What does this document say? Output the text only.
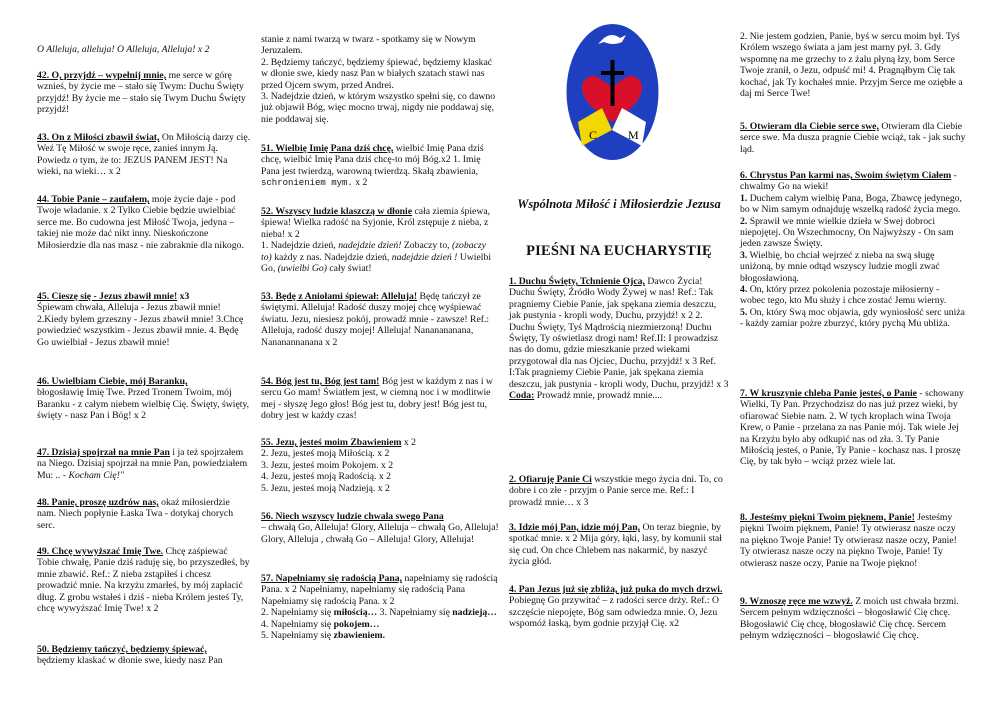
O Alleluja, alleluja! O Alleluja, Alleluja! x 2

42. O, przyjdź – wypełnij mnie, me serce w górę wznieś, by życie me – stało się Twym: Duchu Święty przyjdź! By życie me – stało się Twym Duchu Święty przyjdź!

43. On z Miłości zbawił świat, On Miłością darzy cię. Weź Tę Miłość w swoje ręce, zanieś innym Ją. Powiedz o tym, że to: JEZUS PANEM JEST! Na wieki, na wieki… x 2

44. Tobie Panie – zaufałem, moje życie daje - pod Twoje władanie. x 2 Tylko Ciebie będzie uwielbiać serce me. Bo cudowna jest Miłość Twoja, jedyna – takiej nie może dać nikt inny. Nieskończone Miłosierdzie dla nas masz - nie zabraknie dla nikogo.

45. Cieszę się - Jezus zbawił mnie! x3

Śpiewam chwała, Alleluja - Jezus zbawił mnie! 2.Kiedy byłem grzeszny - Jezus zbawił mnie! 3.Chcę powiedzieć wszystkim - Jezus zbawił mnie. 4. Będę Go uwielbiał - Jezus zbawił mnie!

46. Uwielbiam Ciebie, mój Baranku,

błogosławię Imię Twe. Przed Tronem Twoim, mój Baranku - z całym niebem wielbię Cię. Święty, święty, święty - nasz Pan i Bóg! x 2

47. Dzisiaj spojrzał na mnie Pan i ja też spojrzałem na Niego. Dzisiaj spojrzał na mnie Pan, powiedziałem Mu: .. - Kocham Cię!"

48. Panie, proszę uzdrów nas, okaż miłosierdzie nam. Niech popłynie Łaska Twa - dotykaj chorych serc.

49. Chcę wywyższać Imię Twe. Chcę zaśpiewać Tobie chwałę, Panie dziś raduję się, bo przyszedłeś, by mnie zbawić. Ref.: Z nieba zstąpiłeś i chcesz prowadzić mnie. Na krzyżu zmarłeś, by mój zapłacić dług. Z grobu wstałeś i dziś - nieba Królem jesteś Ty, chcę wywyższać Imię Twe! x 2

50. Będziemy tańczyć, będziemy śpiewać,

będziemy klaskać w dłonie swe, kiedy nasz Pan

stanie z nami twarzą w twarz - spotkamy się w Nowym Jeruzalem.

2. Będziemy tańczyć, będziemy śpiewać, będziemy klaskać w dłonie swe, kiedy nasz Pan w białych szatach stawi nas przed Ojcem swym, przed Andrei.

3. Nadejdzie dzień, w którym wszystko spełni się, co dawno już objawił Bóg, więc mocno trwaj, nigdy nie poddawaj się, nie poddawaj się.

51. Wielbię Imię Pana dziś chcę, wielbić Imię Pana dziś chcę, wielbić Imię Pana dziś chcę-to mój Bóg.x2 1. Imię Pana jest twierdzą, warowną twierdzą. Skałą zbawienia, schronieniem mym. x 2

52. Wszyscy ludzie klaszczą w dłonie cała ziemia śpiewa, śpiewa! Wielka radość na Syjonie, Król zstępuje z nieba, z nieba! x 2

1. Nadejdzie dzień, nadejdzie dzień! Zobaczy to, (zobaczy to) każdy z nas. Nadejdzie dzień, nadejdzie dzień ! Uwielbi Go, (uwielbi Go) cały świat!

53. Będę z Aniołami śpiewał: Alleluja! Będę tańczył ze świętymi. Alleluja! Radość duszy mojej chcę wyśpiewać światu. Jezu, niesiesz pokój, prowadź mnie - zawsze! Ref.: Alleluja, radość duszy mojej! Alleluja! Nananananana, Nananannanana x 2

54. Bóg jest tu, Bóg jest tam! Bóg jest w każdym z nas i w sercu Go mam! Światłem jest, w ciemną noc i w modlitwie mej - słyszę Jego głos! Bóg jest tu, dobry jest! Bóg jest tu, dobry jest w każdy czas!

55. Jezu, jesteś moim Zbawieniem x 2

2. Jezu, jesteś moją Miłością. x 2

3. Jezu, jesteś moim Pokojem. x 2

4. Jezu, jesteś moją Radością. x 2

5. Jezu, jesteś moją Nadzieją. x 2

56. Niech wszyscy ludzie chwala swego Pana

– chwałą Go, Alleluja! Glory, Alleluja – chwałą Go, Alleluja! Glory, Alleluja , chwałą Go – Alleluja! Glory, Alleluja!

57. Napełniamy się radością Pana, napełniamy się radością Pana. x 2 Napełniamy, napełniamy się radością Pana Napełniamy się radością Pana. x 2

2. Napełniamy się miłością… 3. Napełniamy się nadzieją… 4. Napełniamy się pokojem…

5. Napełniamy się zbawieniem.

C	M
Wspólnota Miłość i Miłosierdzie Jezusa
PIEŚNI NA EUCHARYSTIĘ

1. Duchu Święty, Tchnienie Ojca, Dawco Życia! Duchu Święty, Źródło Wody Żywej w nas! Ref.: Tak pragniemy Ciebie Panie, jak spękana ziemia deszczu, jak pustynia - kropli wody, Duchu, przyjdź! x 2 2. Duchu Święty, Tyś Mądrością niezmierzoną! Duchu Święty, Ty oświetlasz drogi nam! Ref.II: I prowadzisz nas do domu, gdzie mieszkanie przed wiekami przygotował dla nas Ojciec, Duchu, przyjdź! x 3 Ref. I:Tak pragniemy Ciebie Panie, jak spękana ziemia deszczu, jak pustynia - kropli wody, Duchu, przyjdź! x 3

Coda: Prowadź mnie, prowadź mnie....

2. Ofiaruję Panie Ci wszystkie mego życia dni. To, co dobre i co złe - przyjm o Panie serce me. Ref.: I prowadź mnie… x 3

3. Idzie mój Pan, idzie mój Pan, On teraz biegnie, by spotkać mnie. x 2 Mija góry, łąki, lasy, by komunii stał się cud. On chce Chlebem nas nakarmić, by naszyć życia głód.

4. Pan Jezus już się zbliża, już puka do mych drzwi. Pobiegnę Go przywitać – z radości serce drży. Ref.: O szczęście niepojęte, Bóg sam odwiedza mnie. O, Jezu wspomóż łaską, bym godnie przyjął Cię. x2

2. Nie jestem godzien, Panie, byś w sercu moim był. Tyś Królem wszego świata a jam jest marny pył. 3. Gdy wspomnę na me grzechy to z żalu płyną łzy, bom Serce Twoje zranił, o Jezu, odpuść mi! 4. Pragnąłbym Cię tak kochać, jak Ty kochałeś mnie. Przyjm Serce me oziębłe a daj mi Serce Twe!

5. Otwieram dla Ciebie serce swe, Otwieram dla Ciebie serce swe. Ma dusza pragnie Ciebie wciąż, tak - jak suchy ląd.

6. Chrystus Pan karmi nas, Swoim świętym Ciałem - chwalmy Go na wieki!

1. Duchem całym wielbię Pana, Boga, Zbawcę jedynego, bo w Nim samym odnajduję wszelką radość życia mego.

2. Sprawił we mnie wielkie dzieła w Swej dobroci niepojętej. On Wszechmocny, On Najwyższy - On sam jeden zawsze Święty.

3. Wielbię, bo chciał wejrzeć z nieba na swą sługę uniżoną, by mnie odtąd wszyscy ludzie mogli zwać błogosławioną.

4. On, który przez pokolenia pozostaje miłosierny - wobec tego, kto Mu służy i chce zostać Jemu wierny.

5. On, który Swą moc objawia, gdy wyniosłość serc uniża - każdy zamiar pożre zburzyć, który pychą Mu ubliża.

7. W kruszynie chleba Panie jesteś, o Panie - schowany Wielki, Ty Pan. Przychodzisz do nas już przez wieki, by ofiarować Siebie nam. 2. W tych kroplach wina Twoja Krew, o Panie - przelana za nas Panie mój. Tak wiele Jej na Krzyżu było aby odkupić nas od zła. 3. Ty Panie Miłością jesteś, o Panie, Ty Panie - kochasz nas. I proszę Cię, by tak było – wciąż przez wiele lat.

8. Jesteśmy piękni Twoim pięknem, Panie! Jesteśmy piękni Twoim pięknem, Panie! Ty otwierasz nasze oczy na piękno Twoje Panie! Ty otwierasz nasze oczy, Panie! Ty otwierasz nasze oczy na piękno Twoje, Panie! Ty otwierasz nasze oczy, Panie na Twoje piękno!

9. Wznoszę ręce me wzwyż. Z moich ust chwała brzmi. Sercem pełnym wdzięczności – błogosławić Cię chcę. Błogosławić Cię chcę, błogosławić Cię chcę. Sercem pełnym wdzięczności – błogosławić Cię chcę.
